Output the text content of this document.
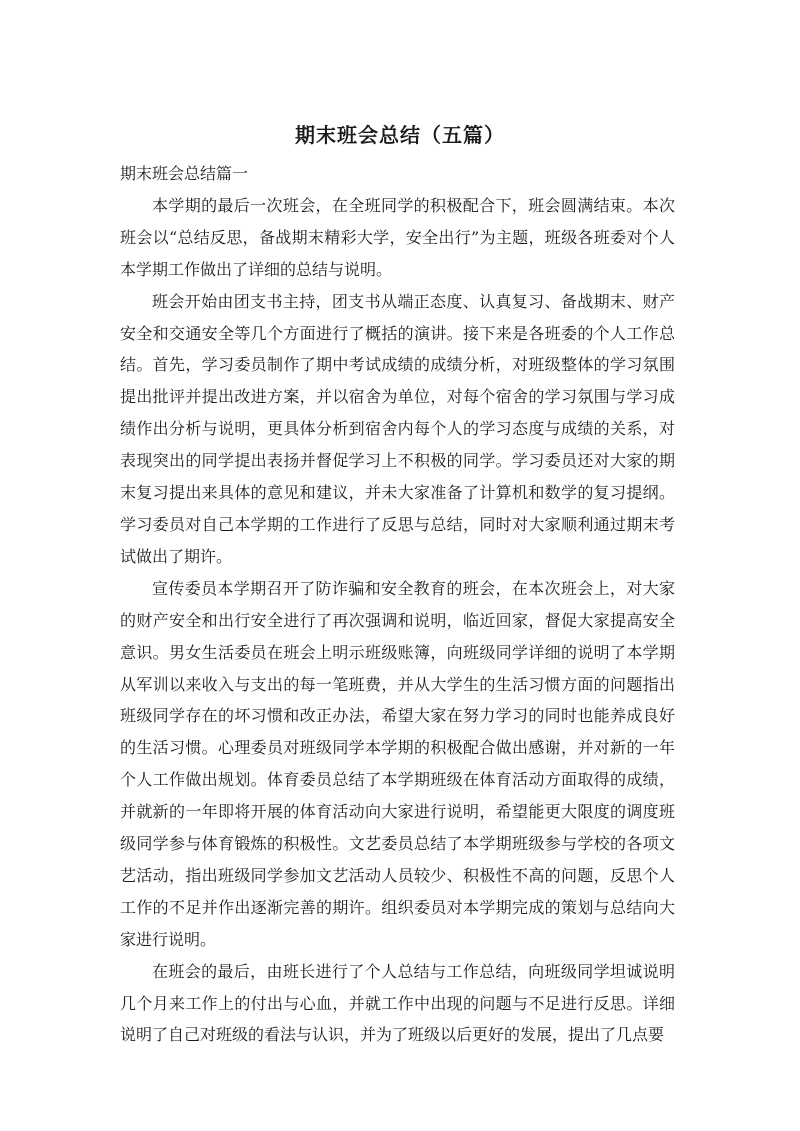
期末班会总结（五篇）

期末班会总结篇一

本学期的最后一次班会，在全班同学的积极配合下，班会圆满结束。本次班会以“总结反思，备战期末精彩大学，安全出行”为主题，班级各班委对个人本学期工作做出了详细的总结与说明。

班会开始由团支书主持，团支书从端正态度、认真复习、备战期末、财产安全和交通安全等几个方面进行了概括的演讲。接下来是各班委的个人工作总结。首先，学习委员制作了期中考试成绩的成绩分析，对班级整体的学习氛围提出批评并提出改进方案，并以宿舍为单位，对每个宿舍的学习氛围与学习成绩作出分析与说明，更具体分析到宿舍内每个人的学习态度与成绩的关系，对表现突出的同学提出表扬并督促学习上不积极的同学。学习委员还对大家的期末复习提出来具体的意见和建议，并未大家准备了计算机和数学的复习提纲。学习委员对自己本学期的工作进行了反思与总结，同时对大家顺利通过期末考试做出了期许。

宣传委员本学期召开了防诈骗和安全教育的班会，在本次班会上，对大家的财产安全和出行安全进行了再次强调和说明，临近回家，督促大家提高安全意识。男女生活委员在班会上明示班级账簿，向班级同学详细的说明了本学期从军训以来收入与支出的每一笔班费，并从大学生的生活习惯方面的问题指出班级同学存在的坏习惯和改正办法，希望大家在努力学习的同时也能养成良好的生活习惯。心理委员对班级同学本学期的积极配合做出感谢，并对新的一年个人工作做出规划。体育委员总结了本学期班级在体育活动方面取得的成绩，并就新的一年即将开展的体育活动向大家进行说明，希望能更大限度的调度班级同学参与体育锻炼的积极性。文艺委员总结了本学期班级参与学校的各项文艺活动，指出班级同学参加文艺活动人员较少、积极性不高的问题，反思个人工作的不足并作出逐渐完善的期许。组织委员对本学期完成的策划与总结向大家进行说明。

在班会的最后，由班长进行了个人总结与工作总结，向班级同学坦诚说明几个月来工作上的付出与心血，并就工作中出现的问题与不足进行反思。详细说明了自己对班级的看法与认识，并为了班级以后更好的发展，提出了几点要
